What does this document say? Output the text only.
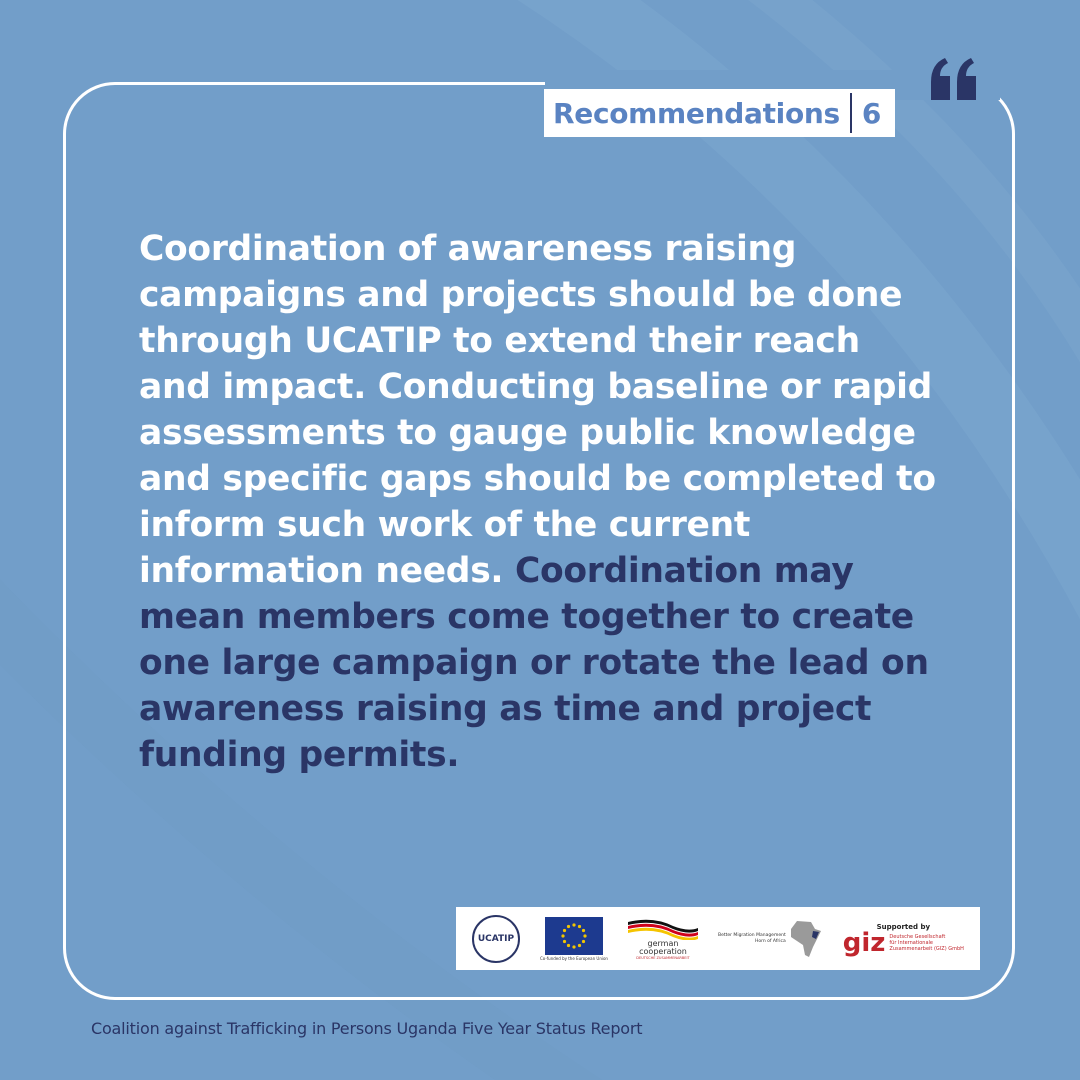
Recommendations 6

Coordination of awareness raising campaigns and projects should be done through UCATIP to extend their reach and impact. Conducting baseline or rapid assessments to gauge public knowledge and specific gaps should be completed to inform such work of the current information needs. Coordination may mean members come together to create one large campaign or rotate the lead on awareness raising as time and project funding permits.

UCATIP
Co-funded by the European Union
german
cooperation
DEUTSCHE ZUSAMMENARBEIT
Better Migration Management
Horn of Africa
Supported by
giz Deutsche Gesellschaft
für Internationale
Zusammenarbeit (GIZ) GmbH
Coalition against Trafficking in Persons Uganda Five Year Status Report
